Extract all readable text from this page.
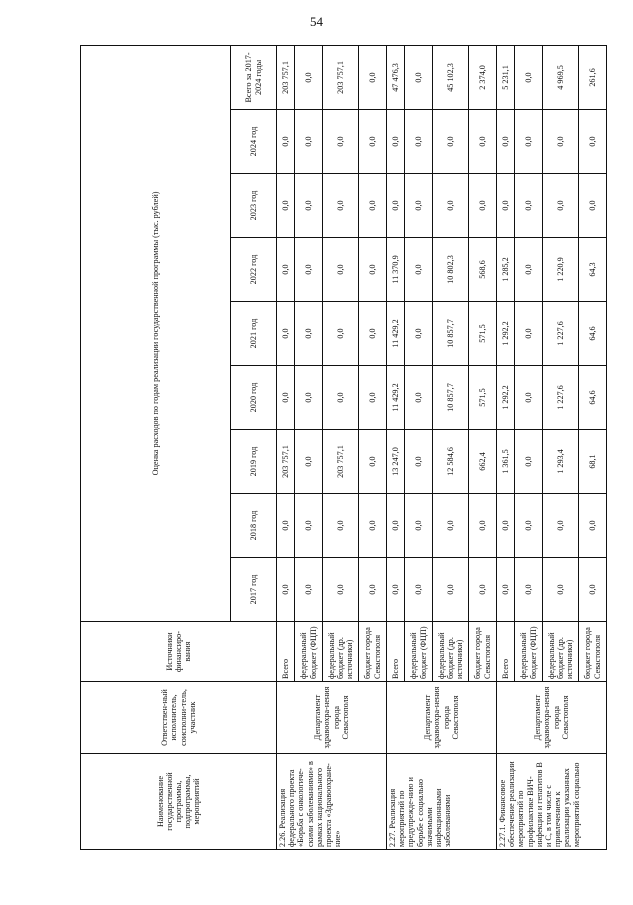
54
Наименование государственной программы, подпрограммы, мероприятий	Ответствен-ный исполнитель, соисполни-тель, участник	Источники финансиро-вания	Оценка расходов по годам реализации государственной программы (тыс. рублей)								
			2017 год	2018 год	2019 год	2020 год	2021 год	2022 год	2023 год	2024 год	Всего за 2017-2024 годы
2.26. Реализация федерального проекта «Борьба с онкологиче-скими заболеваниями» в рамках национального проекта «Здравоохране-ние»	Департамент здравоохра-нения города Севастополя	Всего	0,0	0,0	203 757,1	0,0	0,0	0,0	0,0	0,0	203 757,1
		федеральный бюджет (ФЦП)	0,0	0,0	0,0	0,0	0,0	0,0	0,0	0,0	0,0
		федеральный бюджет (др. источники)	0,0	0,0	203 757,1	0,0	0,0	0,0	0,0	0,0	203 757,1
		бюджет города Севастополя	0,0	0,0	0,0	0,0	0,0	0,0	0,0	0,0	0,0
2.27. Реализация мероприятий по предупрежде-нию и борьбе с социально значимыми инфекционными заболеваниями	Департамент здравоохра-нения города Севастополя	Всего	0,0	0,0	13 247,0	11 429,2	11 429,2	11 370,9	0,0	0,0	47 476,3
		федеральный бюджет (ФЦП)	0,0	0,0	0,0	0,0	0,0	0,0	0,0	0,0	0,0
		федеральный бюджет (др. источники)	0,0	0,0	12 584,6	10 857,7	10 857,7	10 802,3	0,0	0,0	45 102,3
		бюджет города Севастополя	0,0	0,0	662,4	571,5	571,5	568,6	0,0	0,0	2 374,0
2.27.1. Финансовое обеспечение реализации мероприятий по профилактике ВИЧ-инфекции и гепатитов B и C, в том числе с привлечением к реализации указанных мероприятий социально	Департамент здравоохра-нения города Севастополя	Всего	0,0	0,0	1 361,5	1 292,2	1 292,2	1 285,2	0,0	0,0	5 231,1
		федеральный бюджет (ФЦП)	0,0	0,0	0,0	0,0	0,0	0,0	0,0	0,0	0,0
		федеральный бюджет (др. источники)	0,0	0,0	1 293,4	1 227,6	1 227,6	1 220,9	0,0	0,0	4 969,5
		бюджет города Севастополя	0,0	0,0	68,1	64,6	64,6	64,3	0,0	0,0	261,6
